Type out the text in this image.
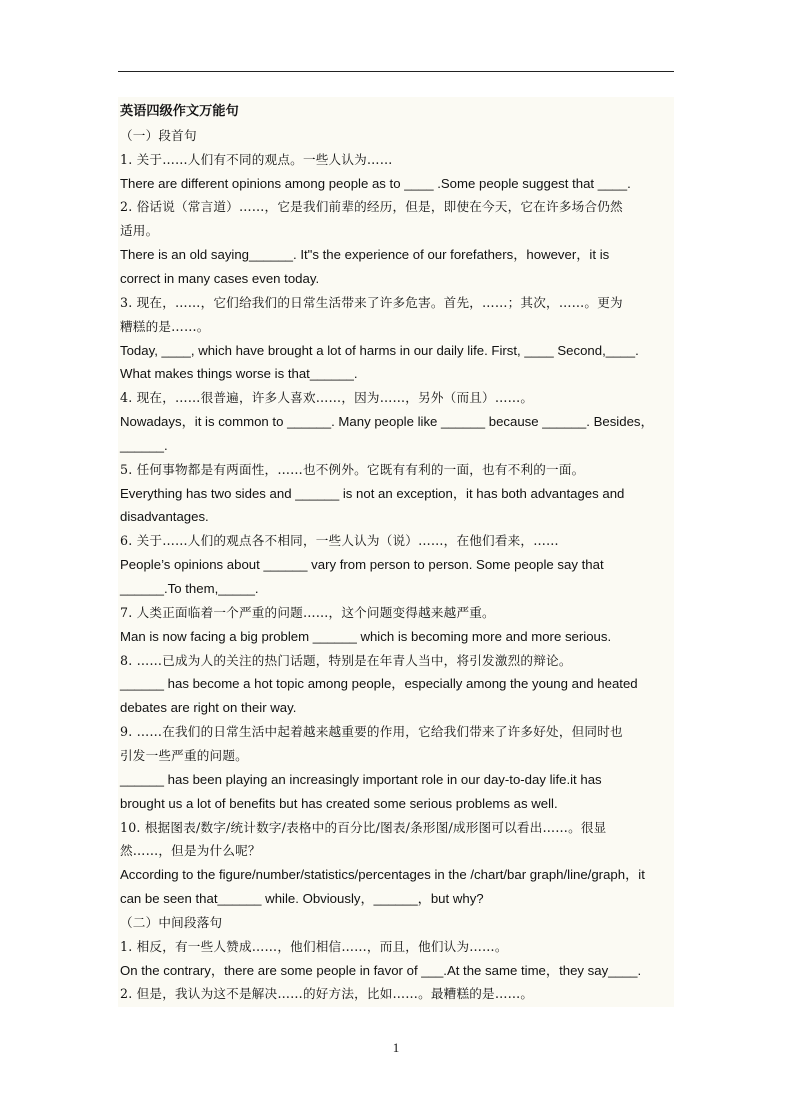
英语四级作文万能句
（一）段首句
1. 关于……人们有不同的观点。一些人认为……
There are different opinions among people as to ____ .Some people suggest that ____.
2. 俗话说（常言道）……，它是我们前辈的经历，但是，即使在今天，它在许多场合仍然
适用。
There is an old saying______. It"s the experience of our forefathers，however，it is
correct in many cases even today.
3. 现在，……，它们给我们的日常生活带来了许多危害。首先，……；其次，……。更为
糟糕的是……。
Today, ____, which have brought a lot of harms in our daily life. First, ____ Second,____.
What makes things worse is that______.
4. 现在，……很普遍，许多人喜欢……，因为……，另外（而且）……。
Nowadays，it is common to ______. Many people like ______ because ______. Besides，
______.
5. 任何事物都是有两面性，……也不例外。它既有有利的一面，也有不利的一面。
Everything has two sides and ______ is not an exception，it has both advantages and
disadvantages.
6. 关于……人们的观点各不相同，一些人认为（说）……，在他们看来，……
People’s opinions about ______ vary from person to person. Some people say that
______.To them,_____.
7. 人类正面临着一个严重的问题……，这个问题变得越来越严重。
Man is now facing a big problem ______ which is becoming more and more serious.
8. ……已成为人的关注的热门话题，特别是在年青人当中，将引发激烈的辩论。
______ has become a hot topic among people，especially among the young and heated
debates are right on their way.
9. ……在我们的日常生活中起着越来越重要的作用，它给我们带来了许多好处，但同时也
引发一些严重的问题。
______ has been playing an increasingly important role in our day-to-day life.it has
brought us a lot of benefits but has created some serious problems as well.
10. 根据图表/数字/统计数字/表格中的百分比/图表/条形图/成形图可以看出……。很显
然……，但是为什么呢？
According to the figure/number/statistics/percentages in the /chart/bar graph/line/graph，it
can be seen that______ while. Obviously，______，but why?
（二）中间段落句
1. 相反，有一些人赞成……，他们相信……，而且，他们认为……。
On the contrary，there are some people in favor of ___.At the same time，they say____.
2. 但是，我认为这不是解决……的好方法，比如……。最糟糕的是……。
1
